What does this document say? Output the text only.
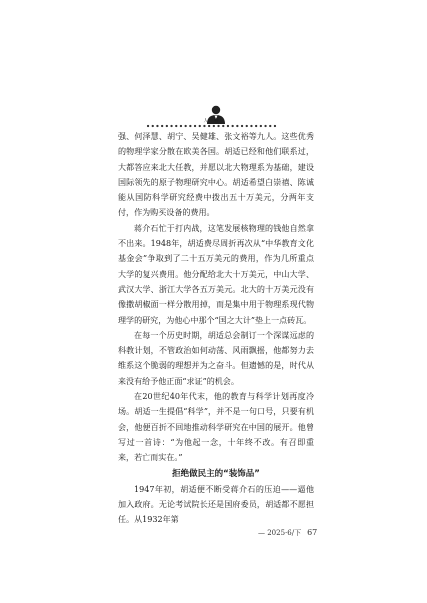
人物

强、何泽慧、胡宁、吴健雄、张文裕等九人。这些优秀的物理学家分散在欧美各国。胡适已经和他们联系过，大都答应来北大任教，并愿以北大物理系为基础，建设国际领先的原子物理研究中心。胡适希望白崇禧、陈诚能从国防科学研究经费中拨出五十万美元，分两年支付，作为购买设备的费用。

蒋介石忙于打内战，这笔发展核物理的钱他自然拿不出来。1948年，胡适费尽周折再次从“中华教育文化基金会”争取到了二十五万美元的费用，作为几所重点大学的复兴费用。他分配给北大十万美元，中山大学、武汉大学、浙江大学各五万美元。北大的十万美元没有像撒胡椒面一样分散用掉，而是集中用于物理系现代物理学的研究，为他心中那个“国之大计”垫上一点砖瓦。

在每一个历史时期，胡适总会制订一个深谋远虑的科教计划，不管政治如何动荡、风雨飘摇，他都努力去维系这个脆弱的理想并为之奋斗。但遗憾的是，时代从来没有给予他正面“求证”的机会。

在20世纪40年代末，他的教育与科学计划再度冷场。胡适一生提倡“科学”，并不是一句口号，只要有机会，他便百折不回地推动科学研究在中国的展开。他曾写过一首诗：“为他起一念，十年终不改。有召即重来，若亡而实在。”

拒绝做民主的“装饰品”

1947年初，胡适便不断受蒋介石的压迫——逼他加入政府。无论考试院长还是国府委员，胡适都不愿担任。从1932年第

— 2025·6/下 67
